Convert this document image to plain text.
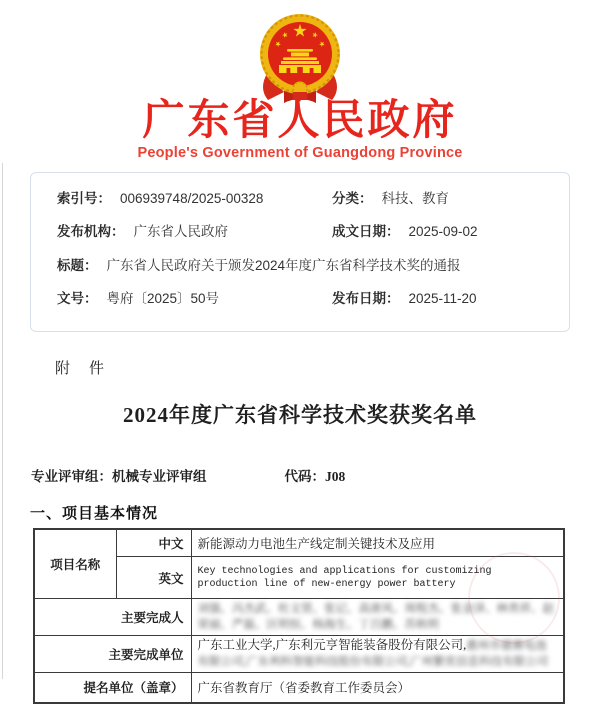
广东省人民政府
People's Government of Guangdong Province
索引号： 006939748/2025-00328	分类： 科技、教育
发布机构： 广东省人民政府	成文日期： 2025-09-02
标题： 广东省人民政府关于颁发2024年度广东省科学技术奖的通报
文号： 粤府〔2025〕50号	发布日期： 2025-11-20
附　件
2024年度广东省科学技术奖获奖名单
专业评审组：机械专业评审组	代码：J08
一、项目基本情况
项目名称	中文	新能源动力电池生产线定制关键技术及应用
	英文	Key technologies and applications for customizing production line of new-energy power battery
主要完成人		刘强、冯杰武、杜文贤、张记、高唐风、周程杰、张金泽、林贵祥、赵荣丽、严磊、区明恒、杨海生、丁吕鹏、苏秋明
主要完成单位		广东工业大学,广东利元亨智能装备股份有限公司,惠州市德赛电池有限公司,广东利科智能科技股份有限公司,广州繁优信息科技有限公司
提名单位（盖章）		广东省教育厅（省委教育工作委员会）
